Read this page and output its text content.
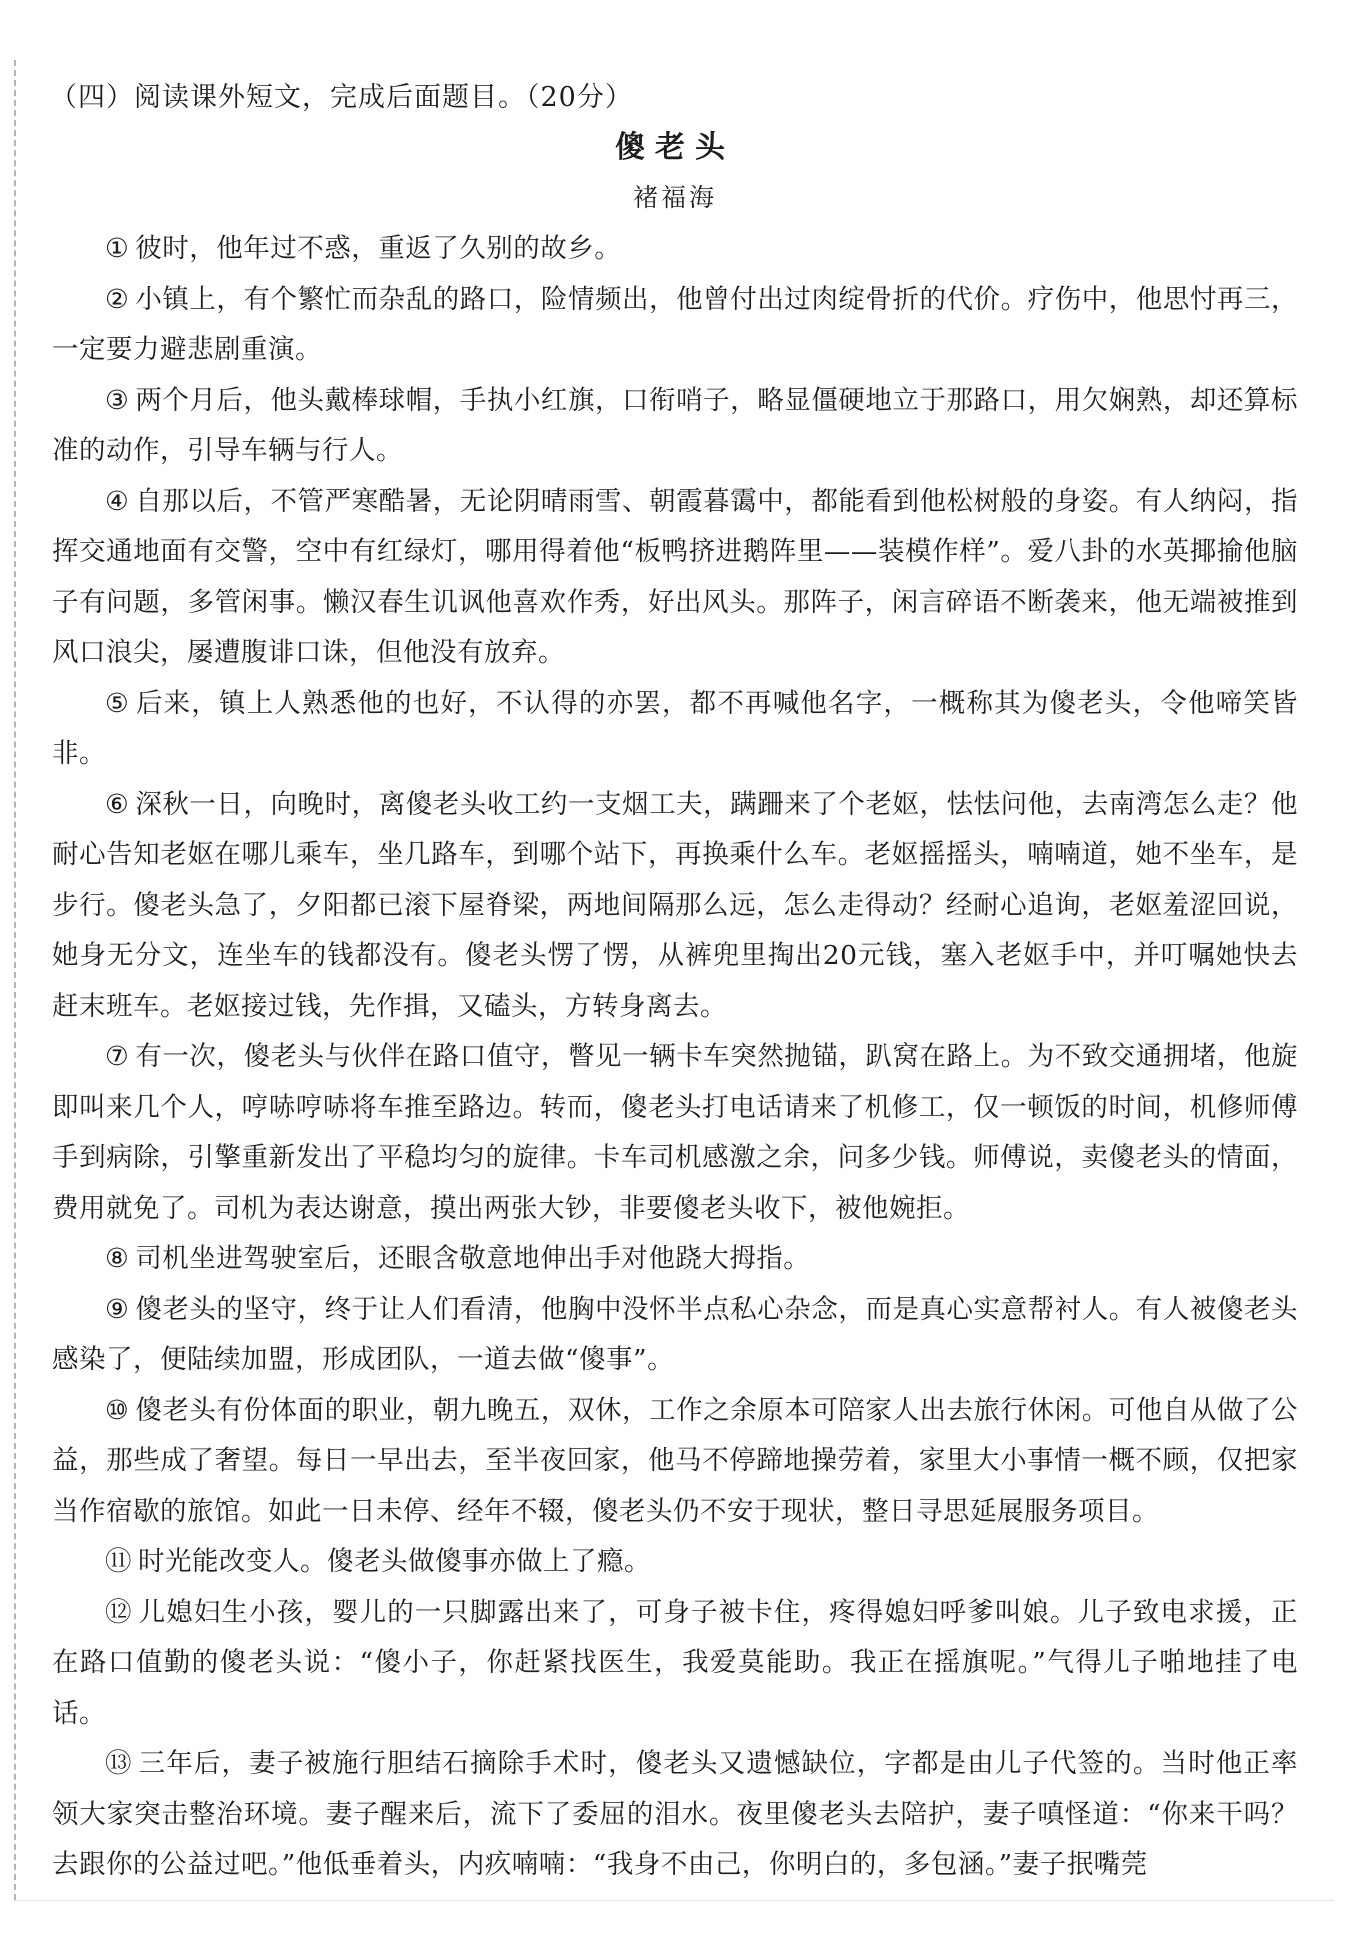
（四）阅读课外短文，完成后面题目。（20分）
傻老头
褚福海

① 彼时，他年过不惑，重返了久别的故乡。

② 小镇上，有个繁忙而杂乱的路口，险情频出，他曾付出过肉绽骨折的代价。疗伤中，他思忖再三，一定要力避悲剧重演。

③ 两个月后，他头戴棒球帽，手执小红旗，口衔哨子，略显僵硬地立于那路口，用欠娴熟，却还算标准的动作，引导车辆与行人。

④ 自那以后，不管严寒酷暑，无论阴晴雨雪、朝霞暮霭中，都能看到他松树般的身姿。有人纳闷，指挥交通地面有交警，空中有红绿灯，哪用得着他“板鸭挤进鹅阵里——装模作样”。爱八卦的水英揶揄他脑子有问题，多管闲事。懒汉春生讥讽他喜欢作秀，好出风头。那阵子，闲言碎语不断袭来，他无端被推到风口浪尖，屡遭腹诽口诛，但他没有放弃。

⑤ 后来，镇上人熟悉他的也好，不认得的亦罢，都不再喊他名字，一概称其为傻老头，令他啼笑皆非。

⑥ 深秋一日，向晚时，离傻老头收工约一支烟工夫，蹒跚来了个老妪，怯怯问他，去南湾怎么走？他耐心告知老妪在哪儿乘车，坐几路车，到哪个站下，再换乘什么车。老妪摇摇头，喃喃道，她不坐车，是步行。傻老头急了，夕阳都已滚下屋脊梁，两地间隔那么远，怎么走得动？经耐心追询，老妪羞涩回说，她身无分文，连坐车的钱都没有。傻老头愣了愣，从裤兜里掏出20元钱，塞入老妪手中，并叮嘱她快去赶末班车。老妪接过钱，先作揖，又磕头，方转身离去。

⑦ 有一次，傻老头与伙伴在路口值守，瞥见一辆卡车突然抛锚，趴窝在路上。为不致交通拥堵，他旋即叫来几个人，哼哧哼哧将车推至路边。转而，傻老头打电话请来了机修工，仅一顿饭的时间，机修师傅手到病除，引擎重新发出了平稳均匀的旋律。卡车司机感激之余，问多少钱。师傅说，卖傻老头的情面，费用就免了。司机为表达谢意，摸出两张大钞，非要傻老头收下，被他婉拒。

⑧ 司机坐进驾驶室后，还眼含敬意地伸出手对他跷大拇指。

⑨ 傻老头的坚守，终于让人们看清，他胸中没怀半点私心杂念，而是真心实意帮衬人。有人被傻老头感染了，便陆续加盟，形成团队，一道去做“傻事”。

⑩ 傻老头有份体面的职业，朝九晚五，双休，工作之余原本可陪家人出去旅行休闲。可他自从做了公益，那些成了奢望。每日一早出去，至半夜回家，他马不停蹄地操劳着，家里大小事情一概不顾，仅把家当作宿歇的旅馆。如此一日未停、经年不辍，傻老头仍不安于现状，整日寻思延展服务项目。

⑪ 时光能改变人。傻老头做傻事亦做上了瘾。

⑫ 儿媳妇生小孩，婴儿的一只脚露出来了，可身子被卡住，疼得媳妇呼爹叫娘。儿子致电求援，正在路口值勤的傻老头说：“傻小子，你赶紧找医生，我爱莫能助。我正在摇旗呢。”气得儿子啪地挂了电话。

⑬ 三年后，妻子被施行胆结石摘除手术时，傻老头又遗憾缺位，字都是由儿子代签的。当时他正率领大家突击整治环境。妻子醒来后，流下了委屈的泪水。夜里傻老头去陪护，妻子嗔怪道：“你来干吗？去跟你的公益过吧。”他低垂着头，内疚喃喃：“我身不由己，你明白的，多包涵。”妻子抿嘴莞
